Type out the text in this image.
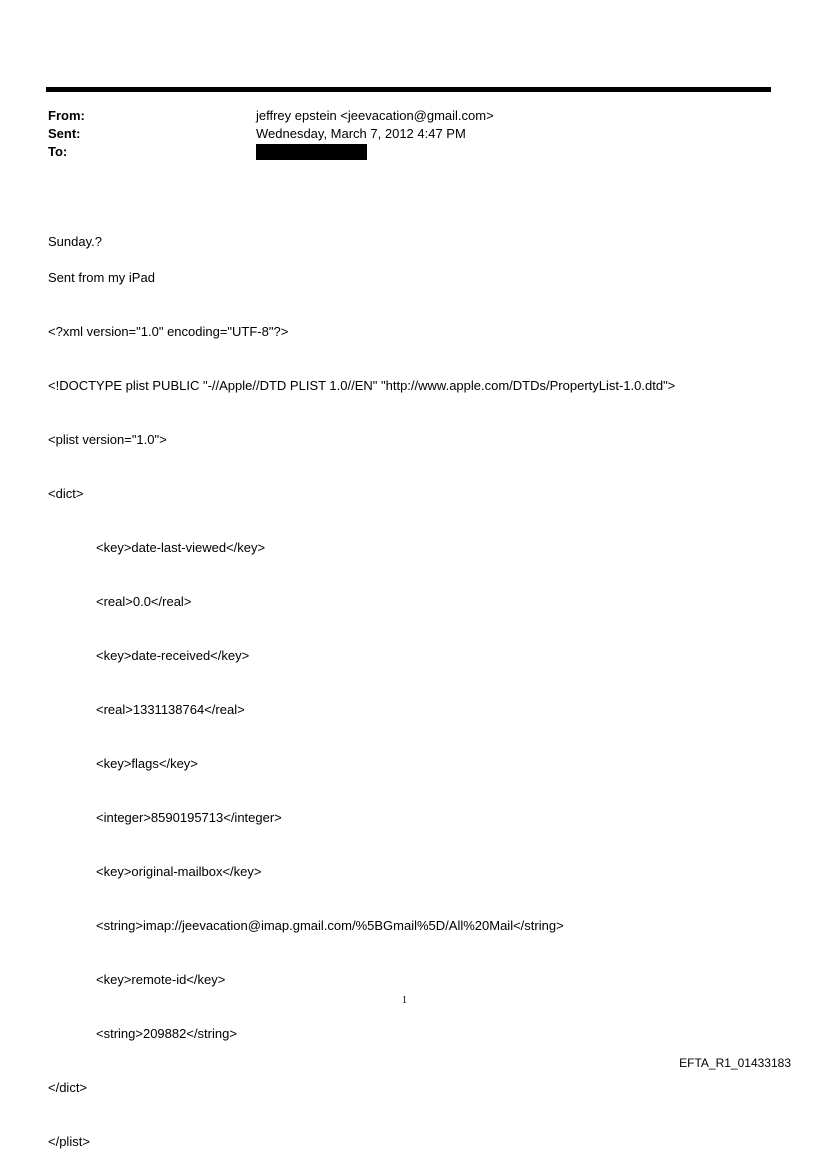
From:	jeffrey epstein <jeevacation@gmail.com>
Sent:	Wednesday, March 7, 2012 4:47 PM
To:

Sunday.?

Sent from my iPad

<?xml version="1.0" encoding="UTF-8"?>

<!DOCTYPE plist PUBLIC "-//Apple//DTD PLIST 1.0//EN" "http://www.apple.com/DTDs/PropertyList-1.0.dtd">

<plist version="1.0">

<dict>

<key>date-last-viewed</key>

<real>0.0</real>

<key>date-received</key>

<real>1331138764</real>

<key>flags</key>

<integer>8590195713</integer>

<key>original-mailbox</key>

<string>imap://jeevacation@imap.gmail.com/%5BGmail%5D/All%20Mail</string>

<key>remote-id</key>

<string>209882</string>

</dict>

</plist>

1
EFTA_R1_01433183
